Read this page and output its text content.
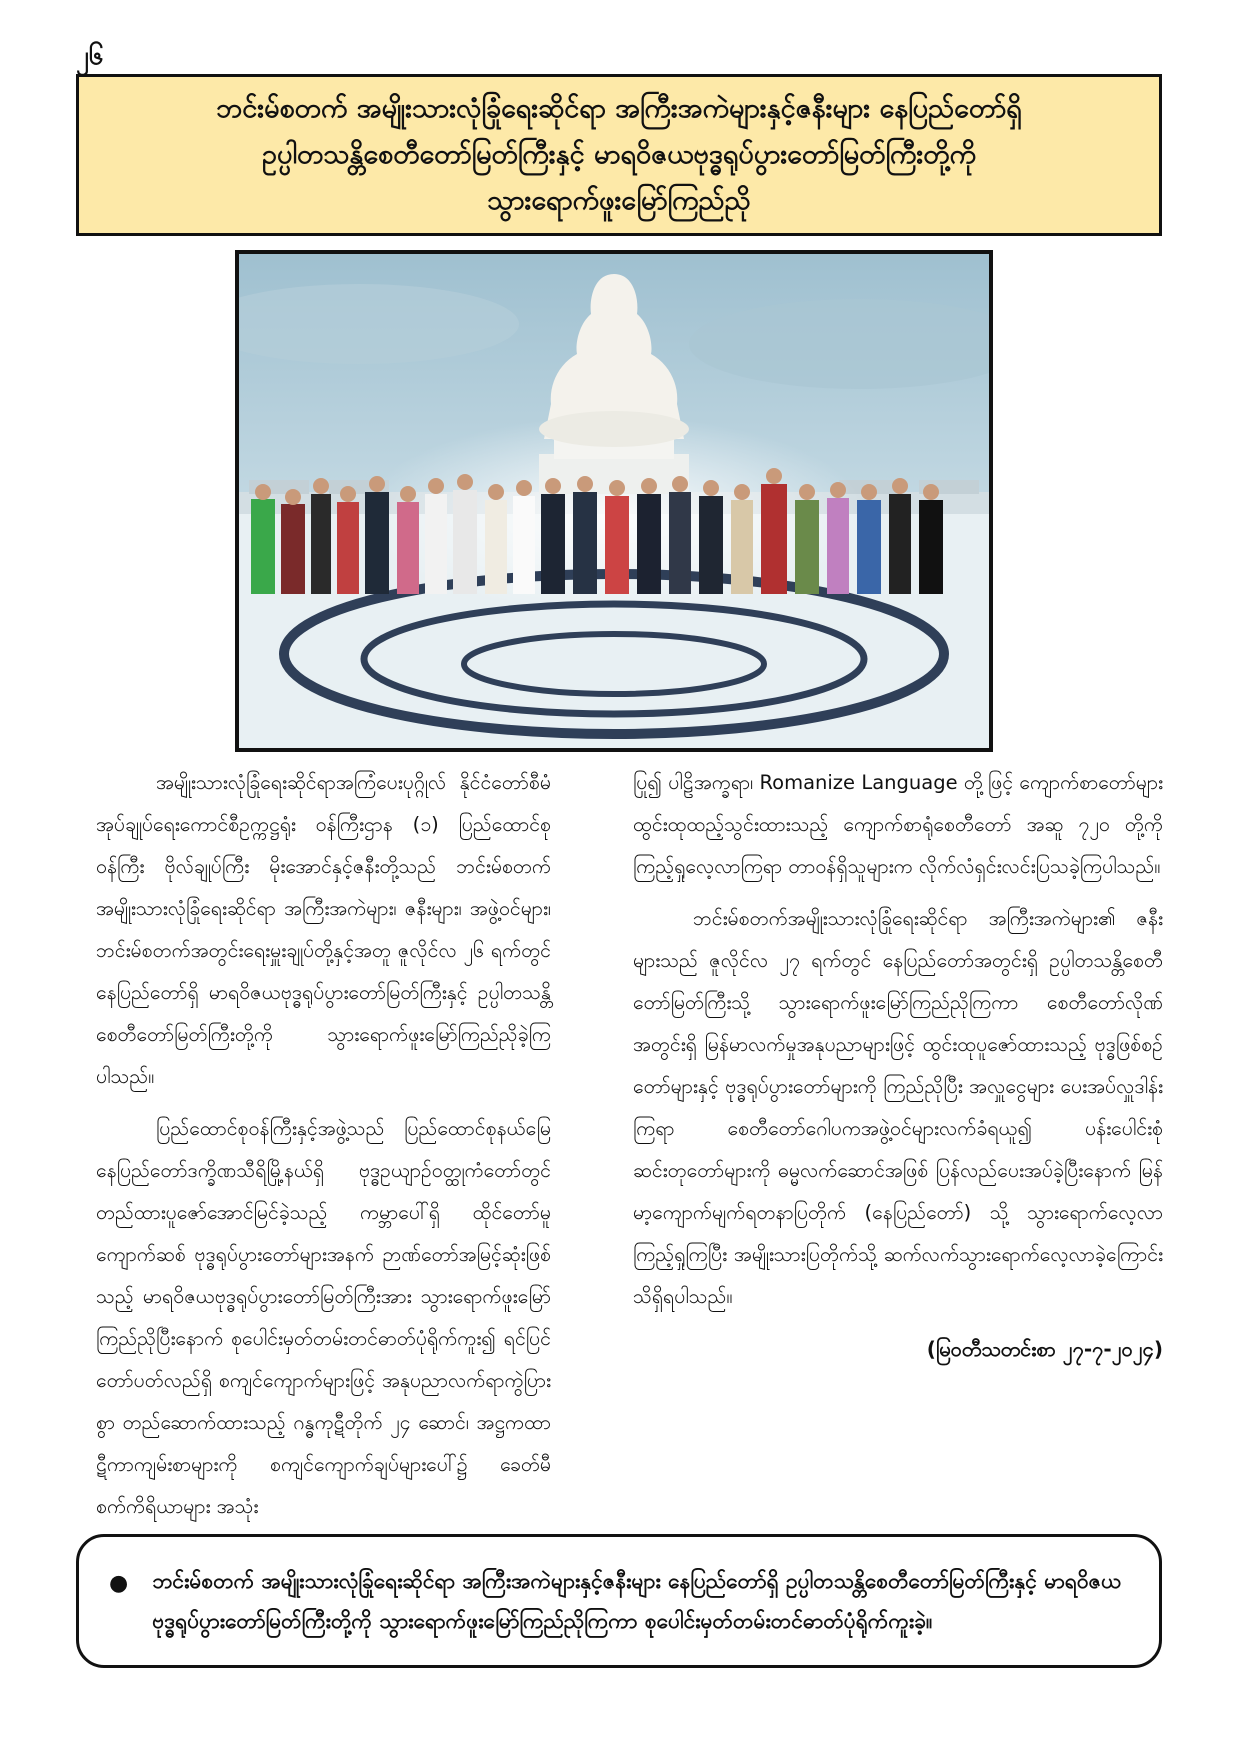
၂၆
ဘင်းမ်စတက် အမျိုးသားလုံခြုံရေးဆိုင်ရာ အကြီးအကဲများနှင့်ဇနီးများ နေပြည်တော်ရှိ
ဥပ္ပါတသန္တိစေတီတော်မြတ်ကြီးနှင့် မာရဝိဇယဗုဒ္ဓရုပ်ပွားတော်မြတ်ကြီးတို့ကို
သွားရောက်ဖူးမြော်ကြည်ညို

အမျိုးသားလုံခြုံရေးဆိုင်ရာအကြံပေးပုဂ္ဂိုလ် နိုင်ငံတော်စီမံအုပ်ချုပ်ရေးကောင်စီဥက္ကဋ္ဌရုံး ဝန်ကြီးဌာန (၁) ပြည်ထောင်စုဝန်ကြီး ဗိုလ်ချုပ်ကြီး မိုးအောင်နှင့်ဇနီးတို့သည် ဘင်းမ်စတက် အမျိုးသားလုံခြုံရေးဆိုင်ရာ အကြီးအကဲများ၊ ဇနီးများ၊ အဖွဲ့ဝင်များ၊ ဘင်းမ်စတက်အတွင်းရေးမှူးချုပ်တို့နှင့်အတူ ဇူလိုင်လ ၂၆ ရက်တွင် နေပြည်တော်ရှိ မာရဝိဇယဗုဒ္ဓရုပ်ပွားတော်မြတ်ကြီးနှင့် ဥပ္ပါတသန္တိစေတီတော်မြတ်ကြီးတို့ကို သွားရောက်ဖူးမြော်ကြည်ညိုခဲ့ကြပါသည်။

ပြည်ထောင်စုဝန်ကြီးနှင့်အဖွဲ့သည် ပြည်ထောင်စုနယ်မြေ နေပြည်တော်ဒက္ခိဏသီရိမြို့နယ်ရှိ ဗုဒ္ဓဥယျာဉ်ဝတ္ထုကံတော်တွင် တည်ထားပူဇော်အောင်မြင်ခဲ့သည့် ကမ္ဘာပေါ်ရှိ ထိုင်တော်မူကျောက်ဆစ် ဗုဒ္ဓရုပ်ပွားတော်များအနက် ဉာဏ်တော်အမြင့်ဆုံးဖြစ်သည့် မာရဝိဇယဗုဒ္ဓရုပ်ပွားတော်မြတ်ကြီးအား သွားရောက်ဖူးမြော်ကြည်ညိုပြီးနောက် စုပေါင်းမှတ်တမ်းတင်ဓာတ်ပုံရိုက်ကူး၍ ရင်ပြင်တော်ပတ်လည်ရှိ စကျင်ကျောက်များဖြင့် အနုပညာလက်ရာကွဲပြားစွာ တည်ဆောက်ထားသည့် ဂန္ဓကုဋီတိုက် ၂၄ ဆောင်၊ အဋ္ဌကထာဋီကာကျမ်းစာများကို စကျင်ကျောက်ချပ်များပေါ်၌ ခေတ်မီစက်ကိရိယာများ အသုံး

ပြု၍ ပါဠိအက္ခရာ၊ Romanize Language တို့ဖြင့် ကျောက်စာတော်များ ထွင်းထုထည့်သွင်းထားသည့် ကျောက်စာရုံစေတီတော် အဆူ ၇၂၀ တို့ကို ကြည့်ရှုလေ့လာကြရာ တာဝန်ရှိသူများက လိုက်လံရှင်းလင်းပြသခဲ့ကြပါသည်။

ဘင်းမ်စတက်အမျိုးသားလုံခြုံရေးဆိုင်ရာ အကြီးအကဲများ၏ ဇနီးများသည် ဇူလိုင်လ ၂၇ ရက်တွင် နေပြည်တော်အတွင်းရှိ ဥပ္ပါတသန္တိစေတီတော်မြတ်ကြီးသို့ သွားရောက်ဖူးမြော်ကြည်ညိုကြကာ စေတီတော်လိုဏ်အတွင်းရှိ မြန်မာလက်မှုအနုပညာများဖြင့် ထွင်းထုပူဇော်ထားသည့် ဗုဒ္ဓဖြစ်စဉ်တော်များနှင့် ဗုဒ္ဓရုပ်ပွားတော်များကို ကြည်ညိုပြီး အလှူငွေများ ပေးအပ်လှူဒါန်းကြရာ စေတီတော်ဂေါပကအဖွဲ့ဝင်များလက်ခံရယူ၍ ပန်းပေါင်းစုံ ဆင်းတုတော်များကို ဓမ္မလက်ဆောင်အဖြစ် ပြန်လည်ပေးအပ်ခဲ့ပြီးနောက် မြန်မာ့ကျောက်မျက်ရတနာပြတိုက် (နေပြည်တော်) သို့ သွားရောက်လေ့လာကြည့်ရှုကြပြီး အမျိုးသားပြတိုက်သို့ ဆက်လက်သွားရောက်လေ့လာခဲ့ကြောင်း သိရှိရပါသည်။

(မြဝတီသတင်းစာ ၂၇-၇-၂၀၂၄)
● ဘင်းမ်စတက် အမျိုးသားလုံခြုံရေးဆိုင်ရာ အကြီးအကဲများနှင့်ဇနီးများ နေပြည်တော်ရှိ ဥပ္ပါတသန္တိစေတီတော်မြတ်ကြီးနှင့် မာရဝိဇယဗုဒ္ဓရုပ်ပွားတော်မြတ်ကြီးတို့ကို သွားရောက်ဖူးမြော်ကြည်ညိုကြကာ စုပေါင်းမှတ်တမ်းတင်ဓာတ်ပုံရိုက်ကူးခဲ့။
